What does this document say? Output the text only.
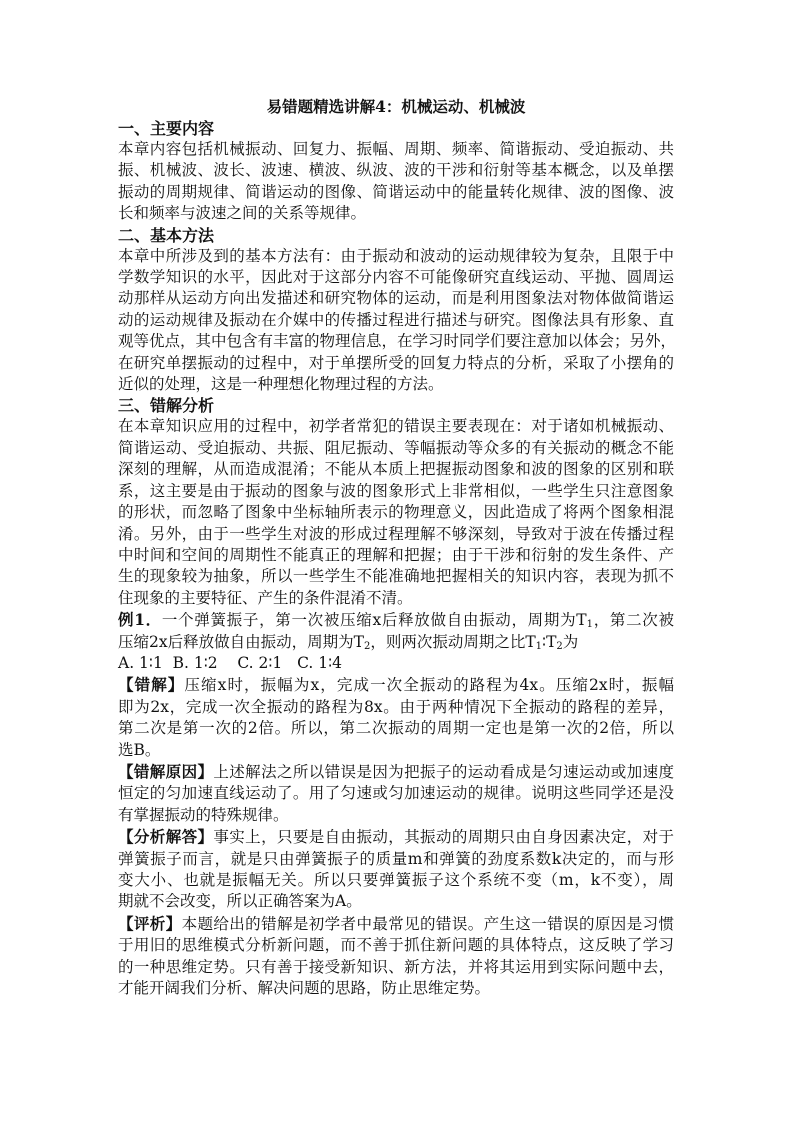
易错题精选讲解4：机械运动、机械波
一、主要内容
本章内容包括机械振动、回复力、振幅、周期、频率、简谐振动、受迫振动、共
振、机械波、波长、波速、横波、纵波、波的干涉和衍射等基本概念，以及单摆
振动的周期规律、简谐运动的图像、简谐运动中的能量转化规律、波的图像、波
长和频率与波速之间的关系等规律。
二、基本方法
本章中所涉及到的基本方法有：由于振动和波动的运动规律较为复杂，且限于中
学数学知识的水平，因此对于这部分内容不可能像研究直线运动、平抛、圆周运
动那样从运动方向出发描述和研究物体的运动，而是利用图象法对物体做简谐运
动的运动规律及振动在介媒中的传播过程进行描述与研究。图像法具有形象、直
观等优点，其中包含有丰富的物理信息，在学习时同学们要注意加以体会；另外，
在研究单摆振动的过程中，对于单摆所受的回复力特点的分析，采取了小摆角的
近似的处理，这是一种理想化物理过程的方法。
三、错解分析
在本章知识应用的过程中，初学者常犯的错误主要表现在：对于诸如机械振动、
简谐运动、受迫振动、共振、阻尼振动、等幅振动等众多的有关振动的概念不能
深刻的理解，从而造成混淆；不能从本质上把握振动图象和波的图象的区别和联
系，这主要是由于振动的图象与波的图象形式上非常相似，一些学生只注意图象
的形状，而忽略了图象中坐标轴所表示的物理意义，因此造成了将两个图象相混
淆。另外，由于一些学生对波的形成过程理解不够深刻，导致对于波在传播过程
中时间和空间的周期性不能真正的理解和把握；由于干涉和衍射的发生条件、产
生的现象较为抽象，所以一些学生不能准确地把握相关的知识内容，表现为抓不
住现象的主要特征、产生的条件混淆不清。
例1．一个弹簧振子，第一次被压缩x后释放做自由振动，周期为$T_1$，第二次被
压缩2x后释放做自由振动，周期为$T_2$，则两次振动周期之比$T_1∶T_2$为
A. 1∶1  B. 1∶2    C. 2∶1   C. 1∶4
【错解】压缩x时，振幅为x，完成一次全振动的路程为4x。压缩2x时，振幅
即为2x，完成一次全振动的路程为8x。由于两种情况下全振动的路程的差异，
第二次是第一次的2倍。所以，第二次振动的周期一定也是第一次的2倍，所以
选B。
【错解原因】上述解法之所以错误是因为把振子的运动看成是匀速运动或加速度
恒定的匀加速直线运动了。用了匀速或匀加速运动的规律。说明这些同学还是没
有掌握振动的特殊规律。
【分析解答】事实上，只要是自由振动，其振动的周期只由自身因素决定，对于
弹簧振子而言，就是只由弹簧振子的质量m和弹簧的劲度系数k决定的，而与形
变大小、也就是振幅无关。所以只要弹簧振子这个系统不变（m，k不变），周
期就不会改变，所以正确答案为A。
【评析】本题给出的错解是初学者中最常见的错误。产生这一错误的原因是习惯
于用旧的思维模式分析新问题，而不善于抓住新问题的具体特点，这反映了学习
的一种思维定势。只有善于接受新知识、新方法，并将其运用到实际问题中去，
才能开阔我们分析、解决问题的思路，防止思维定势。
